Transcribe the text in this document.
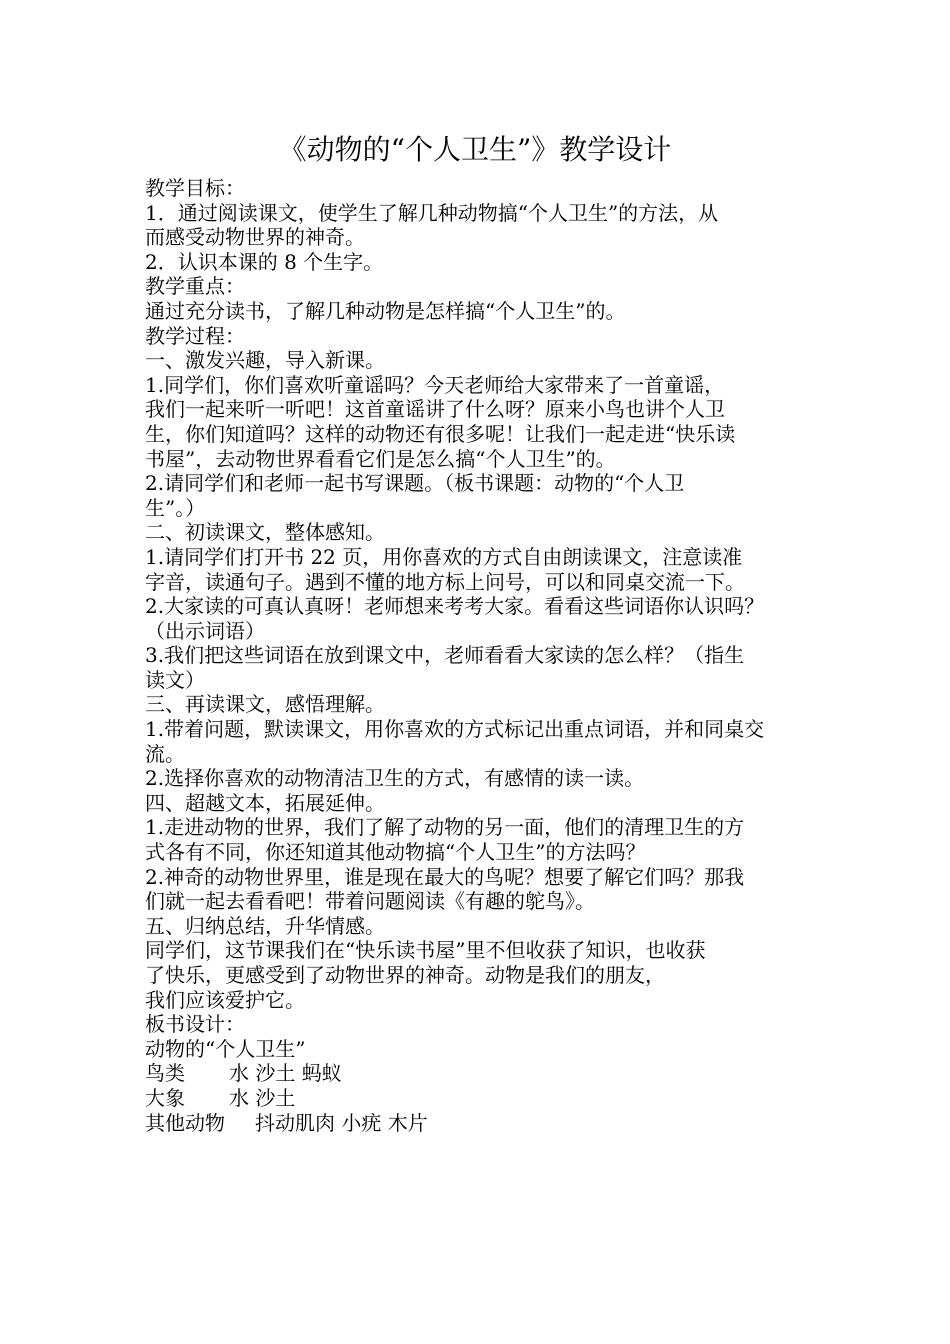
《动物的“个人卫生”》教学设计

教学目标：

1．通过阅读课文，使学生了解几种动物搞“个人卫生”的方法，从

而感受动物世界的神奇。

2．认识本课的 8 个生字。

教学重点：

通过充分读书，了解几种动物是怎样搞“个人卫生”的。

教学过程：

一、激发兴趣，导入新课。

1.同学们，你们喜欢听童谣吗？今天老师给大家带来了一首童谣，

我们一起来听一听吧！这首童谣讲了什么呀？原来小鸟也讲个人卫

生，你们知道吗？这样的动物还有很多呢！让我们一起走进“快乐读

书屋”，去动物世界看看它们是怎么搞“个人卫生”的。

2.请同学们和老师一起书写课题。（板书课题：动物的“个人卫

生”。）

二、初读课文，整体感知。

1.请同学们打开书 22 页，用你喜欢的方式自由朗读课文，注意读准

字音，读通句子。遇到不懂的地方标上问号，可以和同桌交流一下。

2.大家读的可真认真呀！老师想来考考大家。看看这些词语你认识吗？

（出示词语）

3.我们把这些词语在放到课文中，老师看看大家读的怎么样？（指生

读文）

三、再读课文，感悟理解。

1.带着问题，默读课文，用你喜欢的方式标记出重点词语，并和同桌交

流。

2.选择你喜欢的动物清洁卫生的方式，有感情的读一读。

四、超越文本，拓展延伸。

1.走进动物的世界，我们了解了动物的另一面，他们的清理卫生的方

式各有不同，你还知道其他动物搞“个人卫生”的方法吗？

2.神奇的动物世界里，谁是现在最大的鸟呢？想要了解它们吗？那我

们就一起去看看吧！带着问题阅读《有趣的鸵鸟》。

五、归纳总结，升华情感。

同学们，这节课我们在“快乐读书屋”里不但收获了知识，也收获

了快乐，更感受到了动物世界的神奇。动物是我们的朋友，

我们应该爱护它。

板书设计：

动物的“个人卫生”

鸟类 水 沙土 蚂蚁

大象 水 沙土

其他动物 抖动肌肉 小疣 木片
